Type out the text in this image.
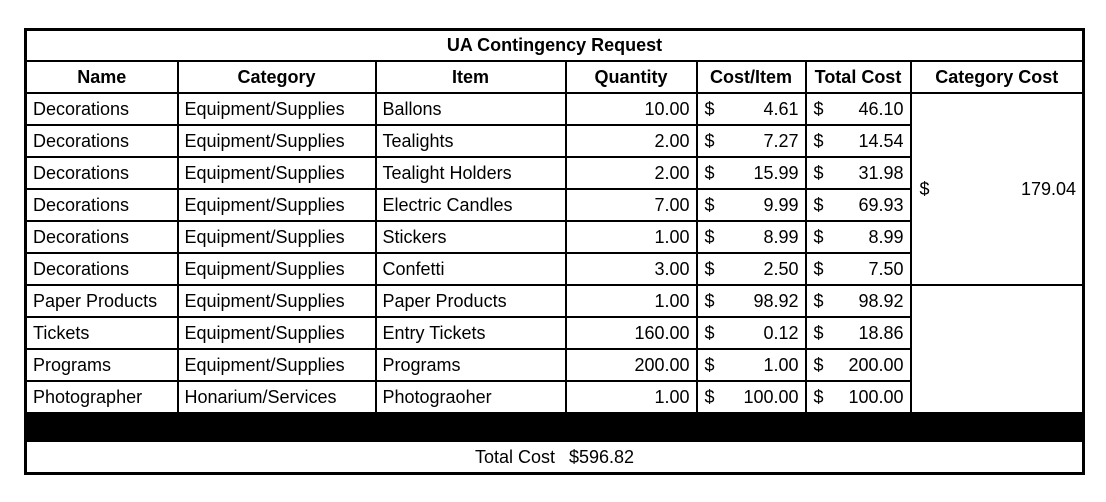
UA Contingency Request						
Name	Category	Item	Quantity	Cost/Item	Total Cost	Category Cost
Decorations	Equipment/Supplies	Ballons	10.00	$ 4.61	$ 46.10	$ 179.04
Decorations	Equipment/Supplies	Tealights	2.00	$ 7.27	$ 14.54	
Decorations	Equipment/Supplies	Tealight Holders	2.00	$ 15.99	$ 31.98	
Decorations	Equipment/Supplies	Electric Candles	7.00	$ 9.99	$ 69.93	
Decorations	Equipment/Supplies	Stickers	1.00	$ 8.99	$ 8.99	
Decorations	Equipment/Supplies	Confetti	3.00	$ 2.50	$ 7.50	
Paper Products	Equipment/Supplies	Paper Products	1.00	$ 98.92	$ 98.92	
Tickets	Equipment/Supplies	Entry Tickets	160.00	$ 0.12	$ 18.86	
Programs	Equipment/Supplies	Programs	200.00	$ 1.00	$ 200.00	
Photographer	Honarium/Services	Photograoher	1.00	$ 100.00	$ 100.00	

Total Cost $596.82						
